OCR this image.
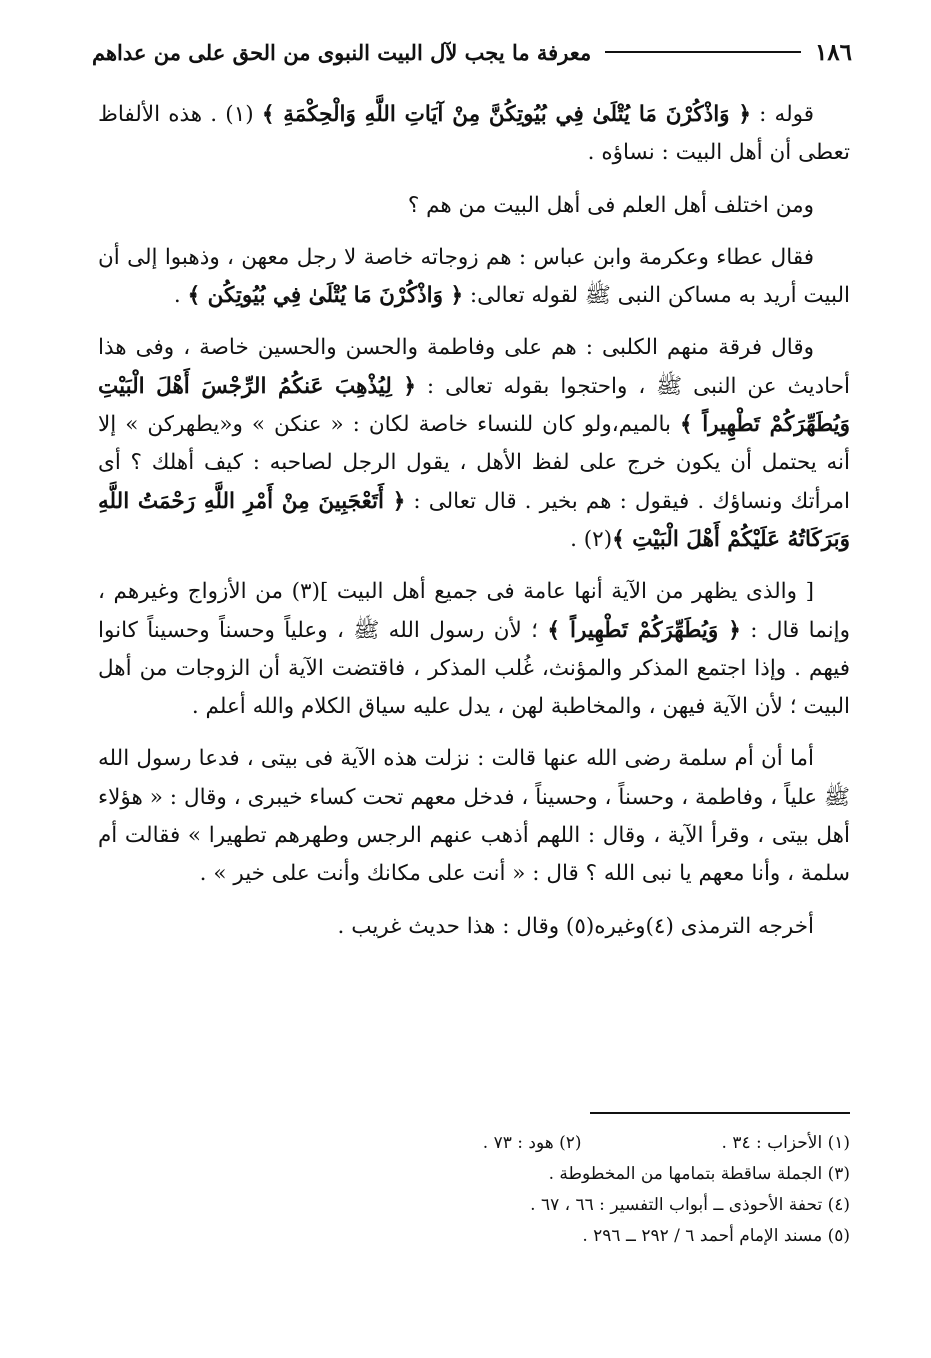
١٨٦
معرفة ما يجب لآل البيت النبوى من الحق على من عداهم

قوله : ﴿ وَاذْكُرْنَ مَا يُتْلَىٰ فِي بُيُوتِكُنَّ مِنْ آيَاتِ اللَّهِ وَالْحِكْمَةِ ﴾ (١) . هذه الألفاظ تعطى أن أهل البيت : نساؤه .

ومن اختلف أهل العلم فى أهل البيت من هم ؟

فقال عطاء وعكرمة وابن عباس : هم زوجاته خاصة لا رجل معهن ، وذهبوا إلى أن البيت أريد به مساكن النبى ﷺ لقوله تعالى: ﴿ وَاذْكُرْنَ مَا يُتْلَىٰ فِي بُيُوتِكُن ﴾ .

وقال فرقة منهم الكلبى : هم على وفاطمة والحسن والحسين خاصة ، وفى هذا أحاديث عن النبى ﷺ ، واحتجوا بقوله تعالى : ﴿ لِيُذْهِبَ عَنكُمُ الرِّجْسَ أَهْلَ الْبَيْتِ وَيُطَهِّرَكُمْ تَطْهِيراً ﴾ بالميم،ولو كان للنساء خاصة لكان : « عنكن » و«يطهركن » إلا أنه يحتمل أن يكون خرج على لفظ الأهل ، يقول الرجل لصاحبه : كيف أهلك ؟ أى امرأتك ونساؤك . فيقول : هم بخير . قال تعالى : ﴿ أَتَعْجَبِينَ مِنْ أَمْرِ اللَّهِ رَحْمَتُ اللَّهِ وَبَرَكَاتُهُ عَلَيْكُمْ أَهْلَ الْبَيْتِ ﴾(٢) .

[ والذى يظهر من الآية أنها عامة فى جميع أهل البيت ](٣) من الأزواج وغيرهم ، وإنما قال : ﴿ وَيُطَهِّرَكُمْ تَطْهِيراً ﴾ ؛ لأن رسول الله ﷺ ، وعلياً وحسناً وحسيناً كانوا فيهم . وإذا اجتمع المذكر والمؤنث، غُلب المذكر ، فاقتضت الآية أن الزوجات من أهل البيت ؛ لأن الآية فيهن ، والمخاطبة لهن ، يدل عليه سياق الكلام والله أعلم .

أما أن أم سلمة رضى الله عنها قالت : نزلت هذه الآية فى بيتى ، فدعا رسول الله ﷺ علياً ، وفاطمة ، وحسناً ، وحسيناً ، فدخل معهم تحت كساء خيبرى ، وقال : « هؤلاء أهل بيتى ، وقرأ الآية ، وقال : اللهم أذهب عنهم الرجس وطهرهم تطهيرا » فقالت أم سلمة ، وأنا معهم يا نبى الله ؟ قال : « أنت على مكانك وأنت على خير » .

أخرجه الترمذى (٤)وغيره(٥) وقال : هذا حديث غريب .

(١) الأحزاب : ٣٤ .
(٢) هود : ٧٣ .
(٣) الجملة ساقطة بتمامها من المخطوطة .
(٤) تحفة الأحوذى ــ أبواب التفسير : ٦٦ ، ٦٧ .
(٥) مسند الإمام أحمد ٦ / ٢٩٢ ــ ٢٩٦ .
